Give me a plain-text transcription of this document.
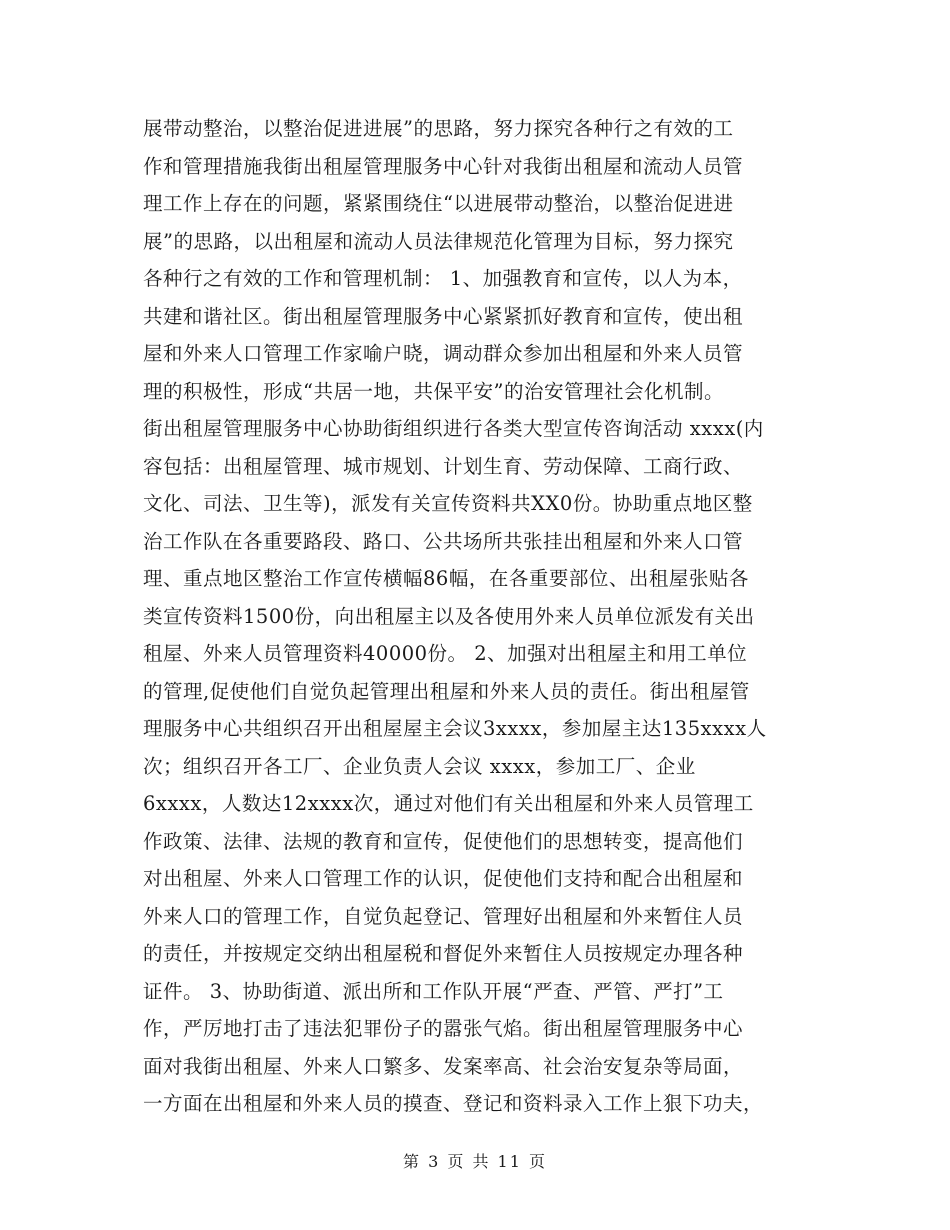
展带动整治，以整治促进进展”的思路，努力探究各种行之有效的工
作和管理措施我街出租屋管理服务中心针对我街出租屋和流动人员管
理工作上存在的问题，紧紧围绕住“以进展带动整治，以整治促进进
展”的思路，以出租屋和流动人员法律规范化管理为目标，努力探究
各种行之有效的工作和管理机制： 1、加强教育和宣传，以人为本，
共建和谐社区。街出租屋管理服务中心紧紧抓好教育和宣传，使出租
屋和外来人口管理工作家喻户晓，调动群众参加出租屋和外来人员管
理的积极性，形成“共居一地，共保平安”的治安管理社会化机制。
街出租屋管理服务中心协助街组织进行各类大型宣传咨询活动 xxxx(内
容包括：出租屋管理、城市规划、计划生育、劳动保障、工商行政、
文化、司法、卫生等)，派发有关宣传资料共XX0份。协助重点地区整
治工作队在各重要路段、路口、公共场所共张挂出租屋和外来人口管
理、重点地区整治工作宣传横幅86幅，在各重要部位、出租屋张贴各
类宣传资料1500份，向出租屋主以及各使用外来人员单位派发有关出
租屋、外来人员管理资料40000份。 2、加强对出租屋主和用工单位
的管理,促使他们自觉负起管理出租屋和外来人员的责任。街出租屋管
理服务中心共组织召开出租屋屋主会议3xxxx，参加屋主达135xxxx人
次；组织召开各工厂、企业负责人会议 xxxx，参加工厂、企业
6xxxx，人数达12xxxx次，通过对他们有关出租屋和外来人员管理工
作政策、法律、法规的教育和宣传，促使他们的思想转变，提高他们
对出租屋、外来人口管理工作的认识，促使他们支持和配合出租屋和
外来人口的管理工作，自觉负起登记、管理好出租屋和外来暂住人员
的责任，并按规定交纳出租屋税和督促外来暂住人员按规定办理各种
证件。 3、协助街道、派出所和工作队开展“严查、严管、严打”工
作，严厉地打击了违法犯罪份子的嚣张气焰。街出租屋管理服务中心
面对我街出租屋、外来人口繁多、发案率高、社会治安复杂等局面，
一方面在出租屋和外来人员的摸查、登记和资料录入工作上狠下功夫，
第 3 页 共 11 页
